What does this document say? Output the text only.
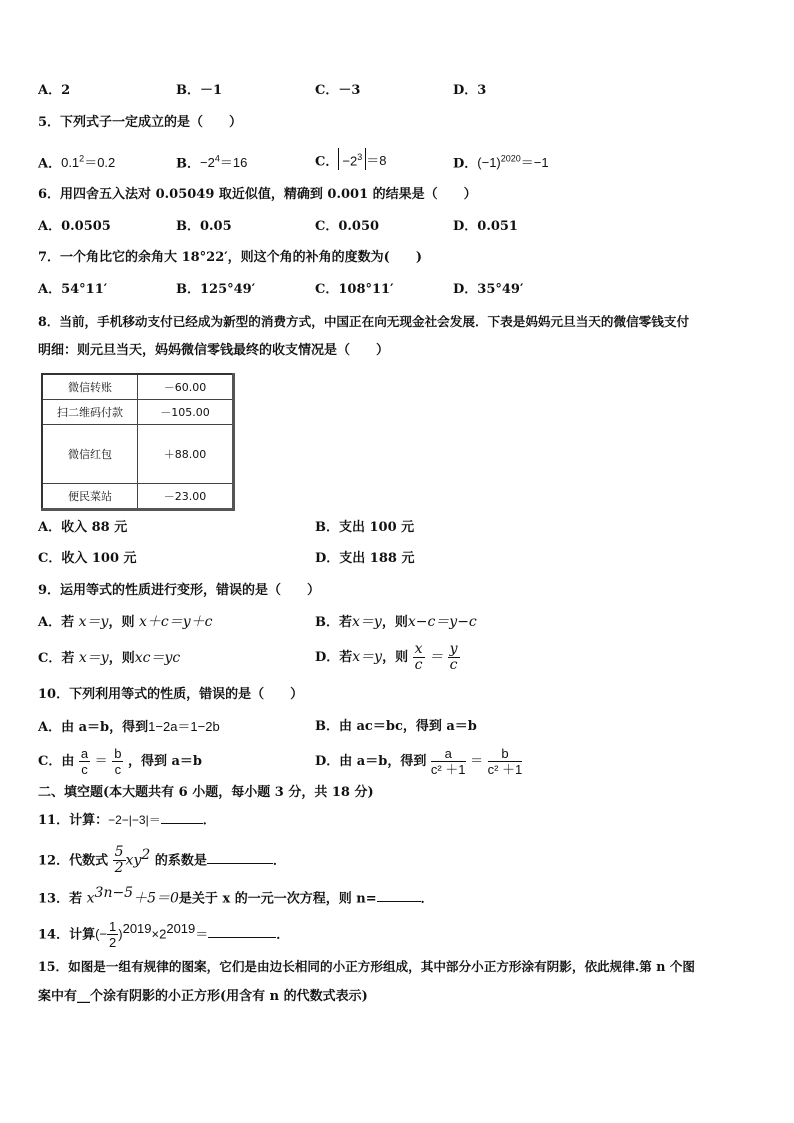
A．2	B．－1	C．－3	D．3
5．下列式子一定成立的是（　　）
A．$0.1^2=0.2$	B．$-2^4=16$	C． $-2^3 =8$	D．$(-1)^{2020}=-1$
6．用四舍五入法对 0.05049 取近似值，精确到 0.001 的结果是（　　）
A．0.0505	B．0.05	C．0.050	D．0.051
7．一个角比它的余角大 18°22′，则这个角的补角的度数为(　　)
A．54°11′	B．125°49′	C．108°11′	D．35°49′
8．当前，手机移动支付已经成为新型的消费方式，中国正在向无现金社会发展．下表是妈妈元旦当天的微信零钱支付
明细：则元旦当天，妈妈微信零钱最终的收支情况是（　　）
微信转账	－60.00
扫二维码付款	－105.00
微信红包	＋88.00
便民菜站	－23.00
A．收入 88 元	B．支出 100 元
C．收入 100 元	D．支出 188 元
9．运用等式的性质进行变形，错误的是（　　）
A．若 x＝y，则 x＋c＝y＋c	B．若x＝y，则x−c＝y−c
C．若 x＝y，则xc＝yc	D．若x＝y，则 $\frac{x}{c} = \frac{y}{c}$
10．下列利用等式的性质，错误的是（　　）
A．由 a＝b，得到1−2a＝1−2b	B．由 ac＝bc，得到 a＝b
C．由 $\frac{a}{c} = \frac{b}{c}$ ，得到 a＝b	D．由 a＝b，得到 $\frac{a}{\text{c² ＋1}} = \frac{b}{\text{c² ＋1}}$
二、填空题(本大题共有 6 小题，每小题 3 分，共 18 分)
11．计算：−2−|−3|＝	．
12．代数式 $\frac{5}{2} xy^2$ 的系数是	．
13．若 $x^{3n-5}+5=0$是关于 x 的一元一次方程，则 n=	．
14．计算(− $\frac{1}{2} )^{2019}\times 2^{2019}=$	．
15．如图是一组有规律的图案，它们是由边长相同的小正方形组成，其中部分小正方形涂有阴影，依此规律.第 n 个图
案中有__个涂有阴影的小正方形(用含有 n 的代数式表示)
